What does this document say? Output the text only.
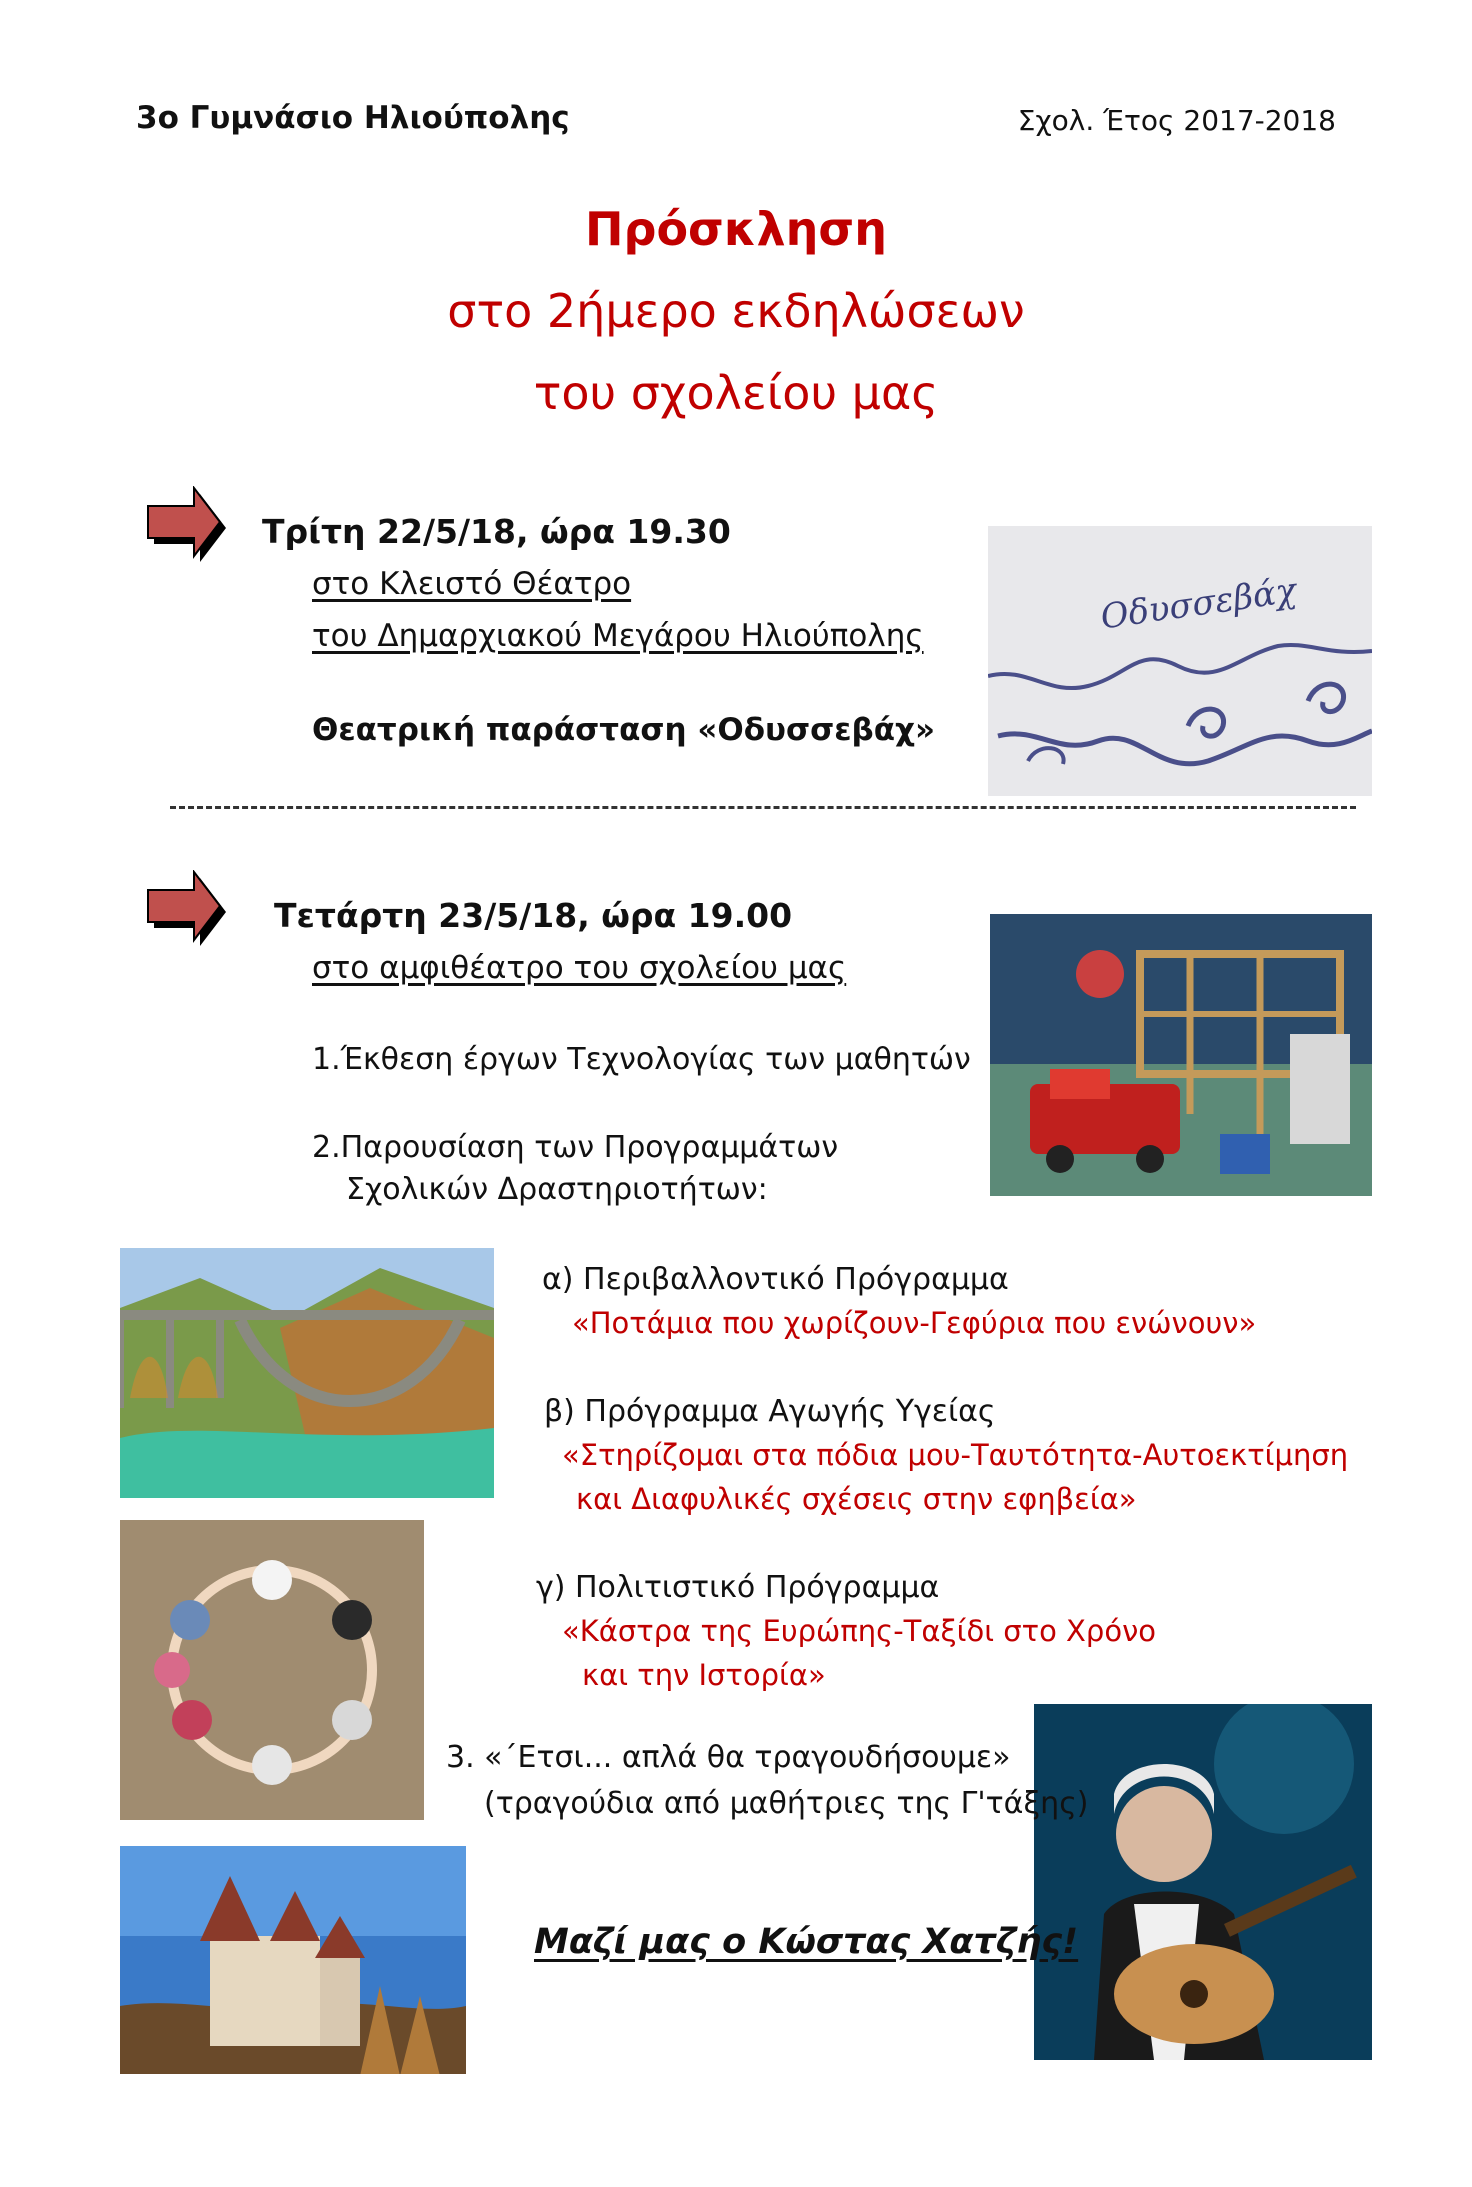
3ο Γυμνάσιο Ηλιούπολης	Σχολ. Έτος 2017-2018
Πρόσκληση
στο 2ήμερο εκδηλώσεων
του σχολείου μας
Τρίτη 22/5/18, ώρα 19.30
στο Κλειστό Θέατρο
του Δημαρχιακού Μεγάρου Ηλιούπολης
Θεατρική παράσταση «Οδυσσεβάχ»
Οδυσσεβάχ
Τετάρτη 23/5/18, ώρα 19.00
στο αμφιθέατρο του σχολείου μας
1.Έκθεση έργων Τεχνολογίας των μαθητών
2.Παρουσίαση των Προγραμμάτων
Σχολικών Δραστηριοτήτων:
α) Περιβαλλοντικό Πρόγραμμα
«Ποτάμια που χωρίζουν-Γεφύρια που ενώνουν»
β) Πρόγραμμα Αγωγής Υγείας
«Στηρίζομαι στα πόδια μου-Ταυτότητα-Αυτοεκτίμηση
και Διαφυλικές σχέσεις στην εφηβεία»
γ) Πολιτιστικό Πρόγραμμα
«Κάστρα της Ευρώπης-Ταξίδι στο Χρόνο
και την Ιστορία»
3. «΄Ετσι... απλά θα τραγουδήσουμε»
(τραγούδια από μαθήτριες της Γ'τάξης)
Μαζί μας ο Κώστας Χατζής!
